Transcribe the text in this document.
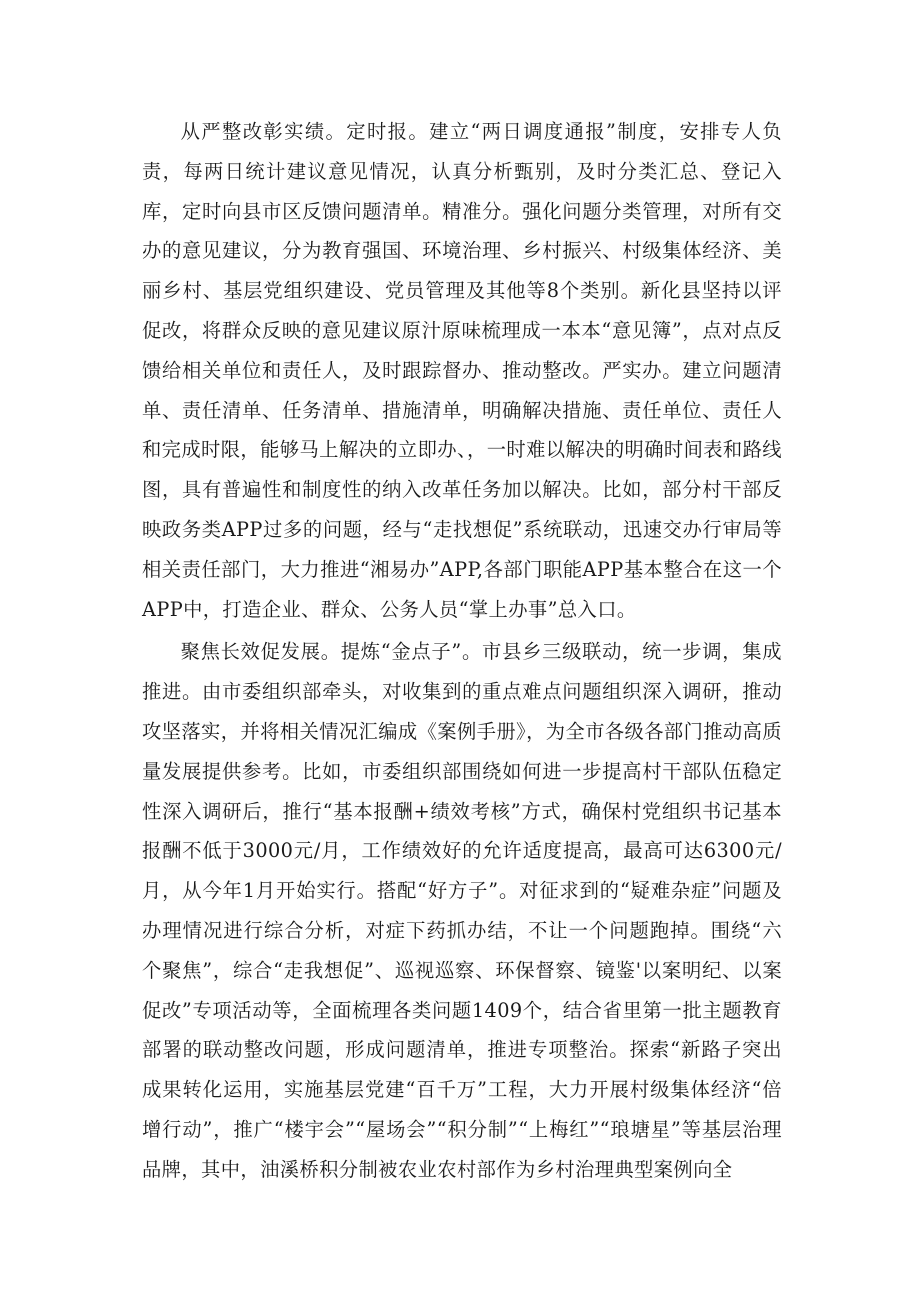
从严整改彰实绩。定时报。建立“两日调度通报”制度，安排专人负责，每两日统计建议意见情况，认真分析甄别，及时分类汇总、登记入库，定时向县市区反馈问题清单。精准分。强化问题分类管理，对所有交办的意见建议，分为教育强国、环境治理、乡村振兴、村级集体经济、美丽乡村、基层党组织建设、党员管理及其他等8个类别。新化县坚持以评促改，将群众反映的意见建议原汁原味梳理成一本本“意见簿”，点对点反馈给相关单位和责任人，及时跟踪督办、推动整改。严实办。建立问题清单、责任清单、任务清单、措施清单，明确解决措施、责任单位、责任人和完成时限，能够马上解决的立即办、，一时难以解决的明确时间表和路线图，具有普遍性和制度性的纳入改革任务加以解决。比如，部分村干部反映政务类APP过多的问题，经与“走找想促”系统联动，迅速交办行审局等相关责任部门，大力推进“湘易办”APP,各部门职能APP基本整合在这一个APP中，打造企业、群众、公务人员“掌上办事”总入口。

聚焦长效促发展。提炼“金点子”。市县乡三级联动，统一步调，集成推进。由市委组织部牵头，对收集到的重点难点问题组织深入调研，推动攻坚落实，并将相关情况汇编成《案例手册》，为全市各级各部门推动高质量发展提供参考。比如，市委组织部围绕如何进一步提高村干部队伍稳定性深入调研后，推行“基本报酬+绩效考核”方式，确保村党组织书记基本报酬不低于3000元/月，工作绩效好的允许适度提高，最高可达6300元/月，从今年1月开始实行。搭配“好方子”。对征求到的“疑难杂症”问题及办理情况进行综合分析，对症下药抓办结，不让一个问题跑掉。围绕“六个聚焦”，综合“走我想促”、巡视巡察、环保督察、镜鉴'以案明纪、以案促改”专项活动等，全面梳理各类问题1409个，结合省里第一批主题教育部署的联动整改问题，形成问题清单，推进专项整治。探索“新路子突出成果转化运用，实施基层党建“百千万”工程，大力开展村级集体经济“倍增行动”，推广“楼宇会”“屋场会”“积分制”“上梅红”“琅塘星”等基层治理品牌，其中，油溪桥积分制被农业农村部作为乡村治理典型案例向全
